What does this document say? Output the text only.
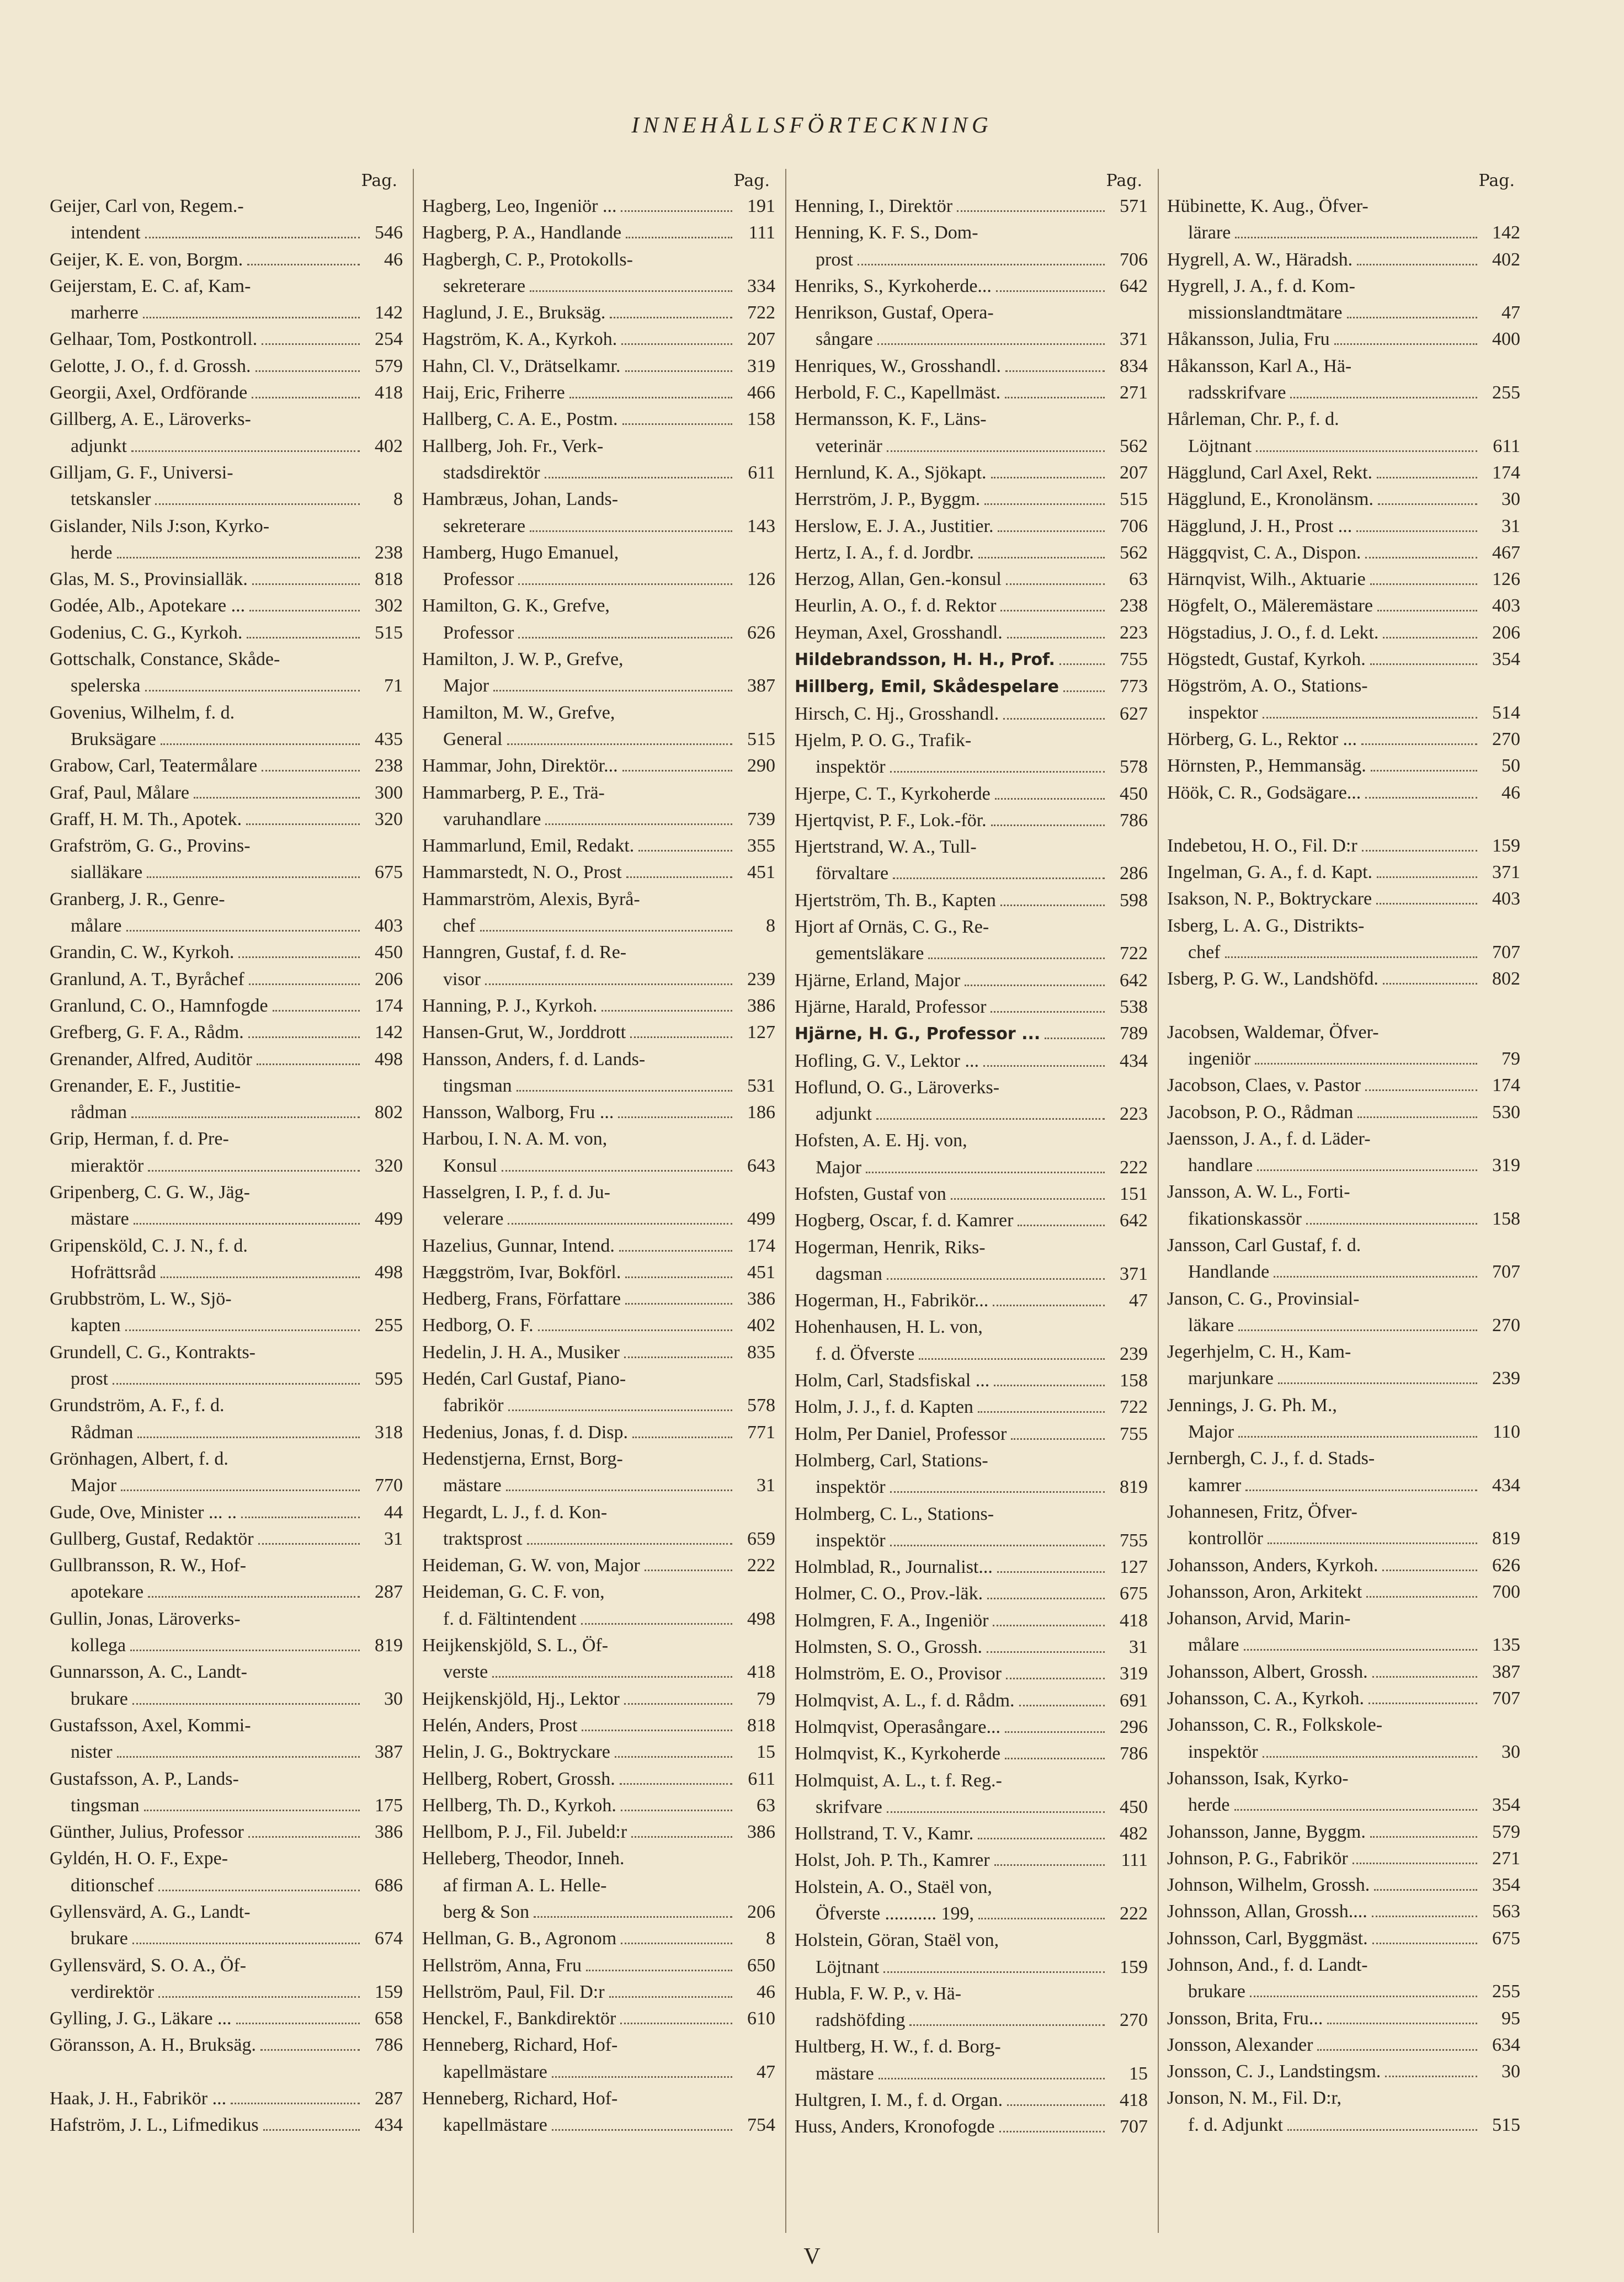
INNEHÅLLSFÖRTECKNING
Pag.
Geijer, Carl von, Regem.-
intendent	546
Geijer, K. E. von, Borgm.	46
Geijerstam, E. C. af, Kam-
marherre	142
Gelhaar, Tom, Postkontroll.	254
Gelotte, J. O., f. d. Grossh.	579
Georgii, Axel, Ordförande	418
Gillberg, A. E., Läroverks-
adjunkt	402
Gilljam, G. F., Universi-
tetskansler	8
Gislander, Nils J:son, Kyrko-
herde	238
Glas, M. S., Provinsialläk.	818
Godée, Alb., Apotekare ...	302
Godenius, C. G., Kyrkoh.	515
Gottschalk, Constance, Skåde-
spelerska	71
Govenius, Wilhelm, f. d.
Bruksägare	435
Grabow, Carl, Teatermålare	238
Graf, Paul, Målare	300
Graff, H. M. Th., Apotek.	320
Grafström, G. G., Provins-
sialläkare	675
Granberg, J. R., Genre-
målare	403
Grandin, C. W., Kyrkoh.	450
Granlund, A. T., Byråchef	206
Granlund, C. O., Hamnfogde	174
Grefberg, G. F. A., Rådm.	142
Grenander, Alfred, Auditör	498
Grenander, E. F., Justitie-
rådman	802
Grip, Herman, f. d. Pre-
mieraktör	320
Gripenberg, C. G. W., Jäg-
mästare	499
Gripensköld, C. J. N., f. d.
Hofrättsråd	498
Grubbström, L. W., Sjö-
kapten	255
Grundell, C. G., Kontrakts-
prost	595
Grundström, A. F., f. d.
Rådman	318
Grönhagen, Albert, f. d.
Major	770
Gude, Ove, Minister ... ..	44
Gullberg, Gustaf, Redaktör	31
Gullbransson, R. W., Hof-
apotekare	287
Gullin, Jonas, Läroverks-
kollega	819
Gunnarsson, A. C., Landt-
brukare	30
Gustafsson, Axel, Kommi-
nister	387
Gustafsson, A. P., Lands-
tingsman	175
Günther, Julius, Professor	386
Gyldén, H. O. F., Expe-
ditionschef	686
Gyllensvärd, A. G., Landt-
brukare	674
Gyllensvärd, S. O. A., Öf-
verdirektör	159
Gylling, J. G., Läkare ...	658
Göransson, A. H., Bruksäg.	786
Haak, J. H., Fabrikör ...	287
Hafström, J. L., Lifmedikus	434
Pag.
Hagberg, Leo, Ingeniör ...	191
Hagberg, P. A., Handlande	111
Hagbergh, C. P., Protokolls-
sekreterare	334
Haglund, J. E., Bruksäg.	722
Hagström, K. A., Kyrkoh.	207
Hahn, Cl. V., Drätselkamr.	319
Haij, Eric, Friherre	466
Hallberg, C. A. E., Postm.	158
Hallberg, Joh. Fr., Verk-
stadsdirektör	611
Hambræus, Johan, Lands-
sekreterare	143
Hamberg, Hugo Emanuel,
Professor	126
Hamilton, G. K., Grefve,
Professor	626
Hamilton, J. W. P., Grefve,
Major	387
Hamilton, M. W., Grefve,
General	515
Hammar, John, Direktör...	290
Hammarberg, P. E., Trä-
varuhandlare	739
Hammarlund, Emil, Redakt.	355
Hammarstedt, N. O., Prost	451
Hammarström, Alexis, Byrå-
chef	8
Hanngren, Gustaf, f. d. Re-
visor	239
Hanning, P. J., Kyrkoh.	386
Hansen-Grut, W., Jorddrott	127
Hansson, Anders, f. d. Lands-
tingsman	531
Hansson, Walborg, Fru ...	186
Harbou, I. N. A. M. von,
Konsul	643
Hasselgren, I. P., f. d. Ju-
velerare	499
Hazelius, Gunnar, Intend.	174
Hæggström, Ivar, Bokförl.	451
Hedberg, Frans, Författare	386
Hedborg, O. F.	402
Hedelin, J. H. A., Musiker	835
Hedén, Carl Gustaf, Piano-
fabrikör	578
Hedenius, Jonas, f. d. Disp.	771
Hedenstjerna, Ernst, Borg-
mästare	31
Hegardt, L. J., f. d. Kon-
traktsprost	659
Heideman, G. W. von, Major	222
Heideman, G. C. F. von,
f. d. Fältintendent	498
Heijkenskjöld, S. L., Öf-
verste	418
Heijkenskjöld, Hj., Lektor	79
Helén, Anders, Prost	818
Helin, J. G., Boktryckare	15
Hellberg, Robert, Grossh.	611
Hellberg, Th. D., Kyrkoh.	63
Hellbom, P. J., Fil. Jubeld:r	386
Helleberg, Theodor, Inneh.
af firman A. L. Helle-
berg & Son	206
Hellman, G. B., Agronom	8
Hellström, Anna, Fru	650
Hellström, Paul, Fil. D:r	46
Henckel, F., Bankdirektör	610
Henneberg, Richard, Hof-
kapellmästare	47
Henneberg, Richard, Hof-
kapellmästare	754
Pag.
Henning, I., Direktör	571
Henning, K. F. S., Dom-
prost	706
Henriks, S., Kyrkoherde...	642
Henrikson, Gustaf, Opera-
sångare	371
Henriques, W., Grosshandl.	834
Herbold, F. C., Kapellmäst.	271
Hermansson, K. F., Läns-
veterinär	562
Hernlund, K. A., Sjökapt.	207
Herrström, J. P., Byggm.	515
Herslow, E. J. A., Justitier.	706
Hertz, I. A., f. d. Jordbr.	562
Herzog, Allan, Gen.-konsul	63
Heurlin, A. O., f. d. Rektor	238
Heyman, Axel, Grosshandl.	223
Hildebrandsson, H. H., Prof.	755
Hillberg, Emil, Skådespelare	773
Hirsch, C. Hj., Grosshandl.	627
Hjelm, P. O. G., Trafik-
inspektör	578
Hjerpe, C. T., Kyrkoherde	450
Hjertqvist, P. F., Lok.-för.	786
Hjertstrand, W. A., Tull-
förvaltare	286
Hjertström, Th. B., Kapten	598
Hjort af Ornäs, C. G., Re-
gementsläkare	722
Hjärne, Erland, Major	642
Hjärne, Harald, Professor	538
Hjärne, H. G., Professor ...	789
Hofling, G. V., Lektor ...	434
Hoflund, O. G., Läroverks-
adjunkt	223
Hofsten, A. E. Hj. von,
Major	222
Hofsten, Gustaf von	151
Hogberg, Oscar, f. d. Kamrer	642
Hogerman, Henrik, Riks-
dagsman	371
Hogerman, H., Fabrikör...	47
Hohenhausen, H. L. von,
f. d. Öfverste	239
Holm, Carl, Stadsfiskal ...	158
Holm, J. J., f. d. Kapten	722
Holm, Per Daniel, Professor	755
Holmberg, Carl, Stations-
inspektör	819
Holmberg, C. L., Stations-
inspektör	755
Holmblad, R., Journalist...	127
Holmer, C. O., Prov.-läk.	675
Holmgren, F. A., Ingeniör	418
Holmsten, S. O., Grossh.	31
Holmström, E. O., Provisor	319
Holmqvist, A. L., f. d. Rådm.	691
Holmqvist, Operasångare...	296
Holmqvist, K., Kyrkoherde	786
Holmquist, A. L., t. f. Reg.-
skrifvare	450
Hollstrand, T. V., Kamr.	482
Holst, Joh. P. Th., Kamrer	111
Holstein, A. O., Staël von,
Öfverste ........... 199,	222
Holstein, Göran, Staël von,
Löjtnant	159
Hubla, F. W. P., v. Hä-
radshöfding	270
Hultberg, H. W., f. d. Borg-
mästare	15
Hultgren, I. M., f. d. Organ.	418
Huss, Anders, Kronofogde	707
Pag.
Hübinette, K. Aug., Öfver-
lärare	142
Hygrell, A. W., Häradsh.	402
Hygrell, J. A., f. d. Kom-
missionslandtmätare	47
Håkansson, Julia, Fru	400
Håkansson, Karl A., Hä-
radsskrifvare	255
Hårleman, Chr. P., f. d.
Löjtnant	611
Hägglund, Carl Axel, Rekt.	174
Hägglund, E., Kronolänsm.	30
Hägglund, J. H., Prost ...	31
Häggqvist, C. A., Dispon.	467
Härnqvist, Wilh., Aktuarie	126
Högfelt, O., Mäleremästare	403
Högstadius, J. O., f. d. Lekt.	206
Högstedt, Gustaf, Kyrkoh.	354
Högström, A. O., Stations-
inspektor	514
Hörberg, G. L., Rektor ...	270
Hörnsten, P., Hemmansäg.	50
Höök, C. R., Godsägare...	46
Indebetou, H. O., Fil. D:r	159
Ingelman, G. A., f. d. Kapt.	371
Isakson, N. P., Boktryckare	403
Isberg, L. A. G., Distrikts-
chef	707
Isberg, P. G. W., Landshöfd.	802
Jacobsen, Waldemar, Öfver-
ingeniör	79
Jacobson, Claes, v. Pastor	174
Jacobson, P. O., Rådman	530
Jaensson, J. A., f. d. Läder-
handlare	319
Jansson, A. W. L., Forti-
fikationskassör	158
Jansson, Carl Gustaf, f. d.
Handlande	707
Janson, C. G., Provinsial-
läkare	270
Jegerhjelm, C. H., Kam-
marjunkare	239
Jennings, J. G. Ph. M.,
Major	110
Jernbergh, C. J., f. d. Stads-
kamrer	434
Johannesen, Fritz, Öfver-
kontrollör	819
Johansson, Anders, Kyrkoh.	626
Johansson, Aron, Arkitekt	700
Johanson, Arvid, Marin-
målare	135
Johansson, Albert, Grossh.	387
Johansson, C. A., Kyrkoh.	707
Johansson, C. R., Folkskole-
inspektör	30
Johansson, Isak, Kyrko-
herde	354
Johansson, Janne, Byggm.	579
Johnson, P. G., Fabrikör	271
Johnson, Wilhelm, Grossh.	354
Johnsson, Allan, Grossh....	563
Johnsson, Carl, Byggmäst.	675
Johnson, And., f. d. Landt-
brukare	255
Jonsson, Brita, Fru...	95
Jonsson, Alexander	634
Jonsson, C. J., Landstingsm.	30
Jonson, N. M., Fil. D:r,
f. d. Adjunkt	515
V
